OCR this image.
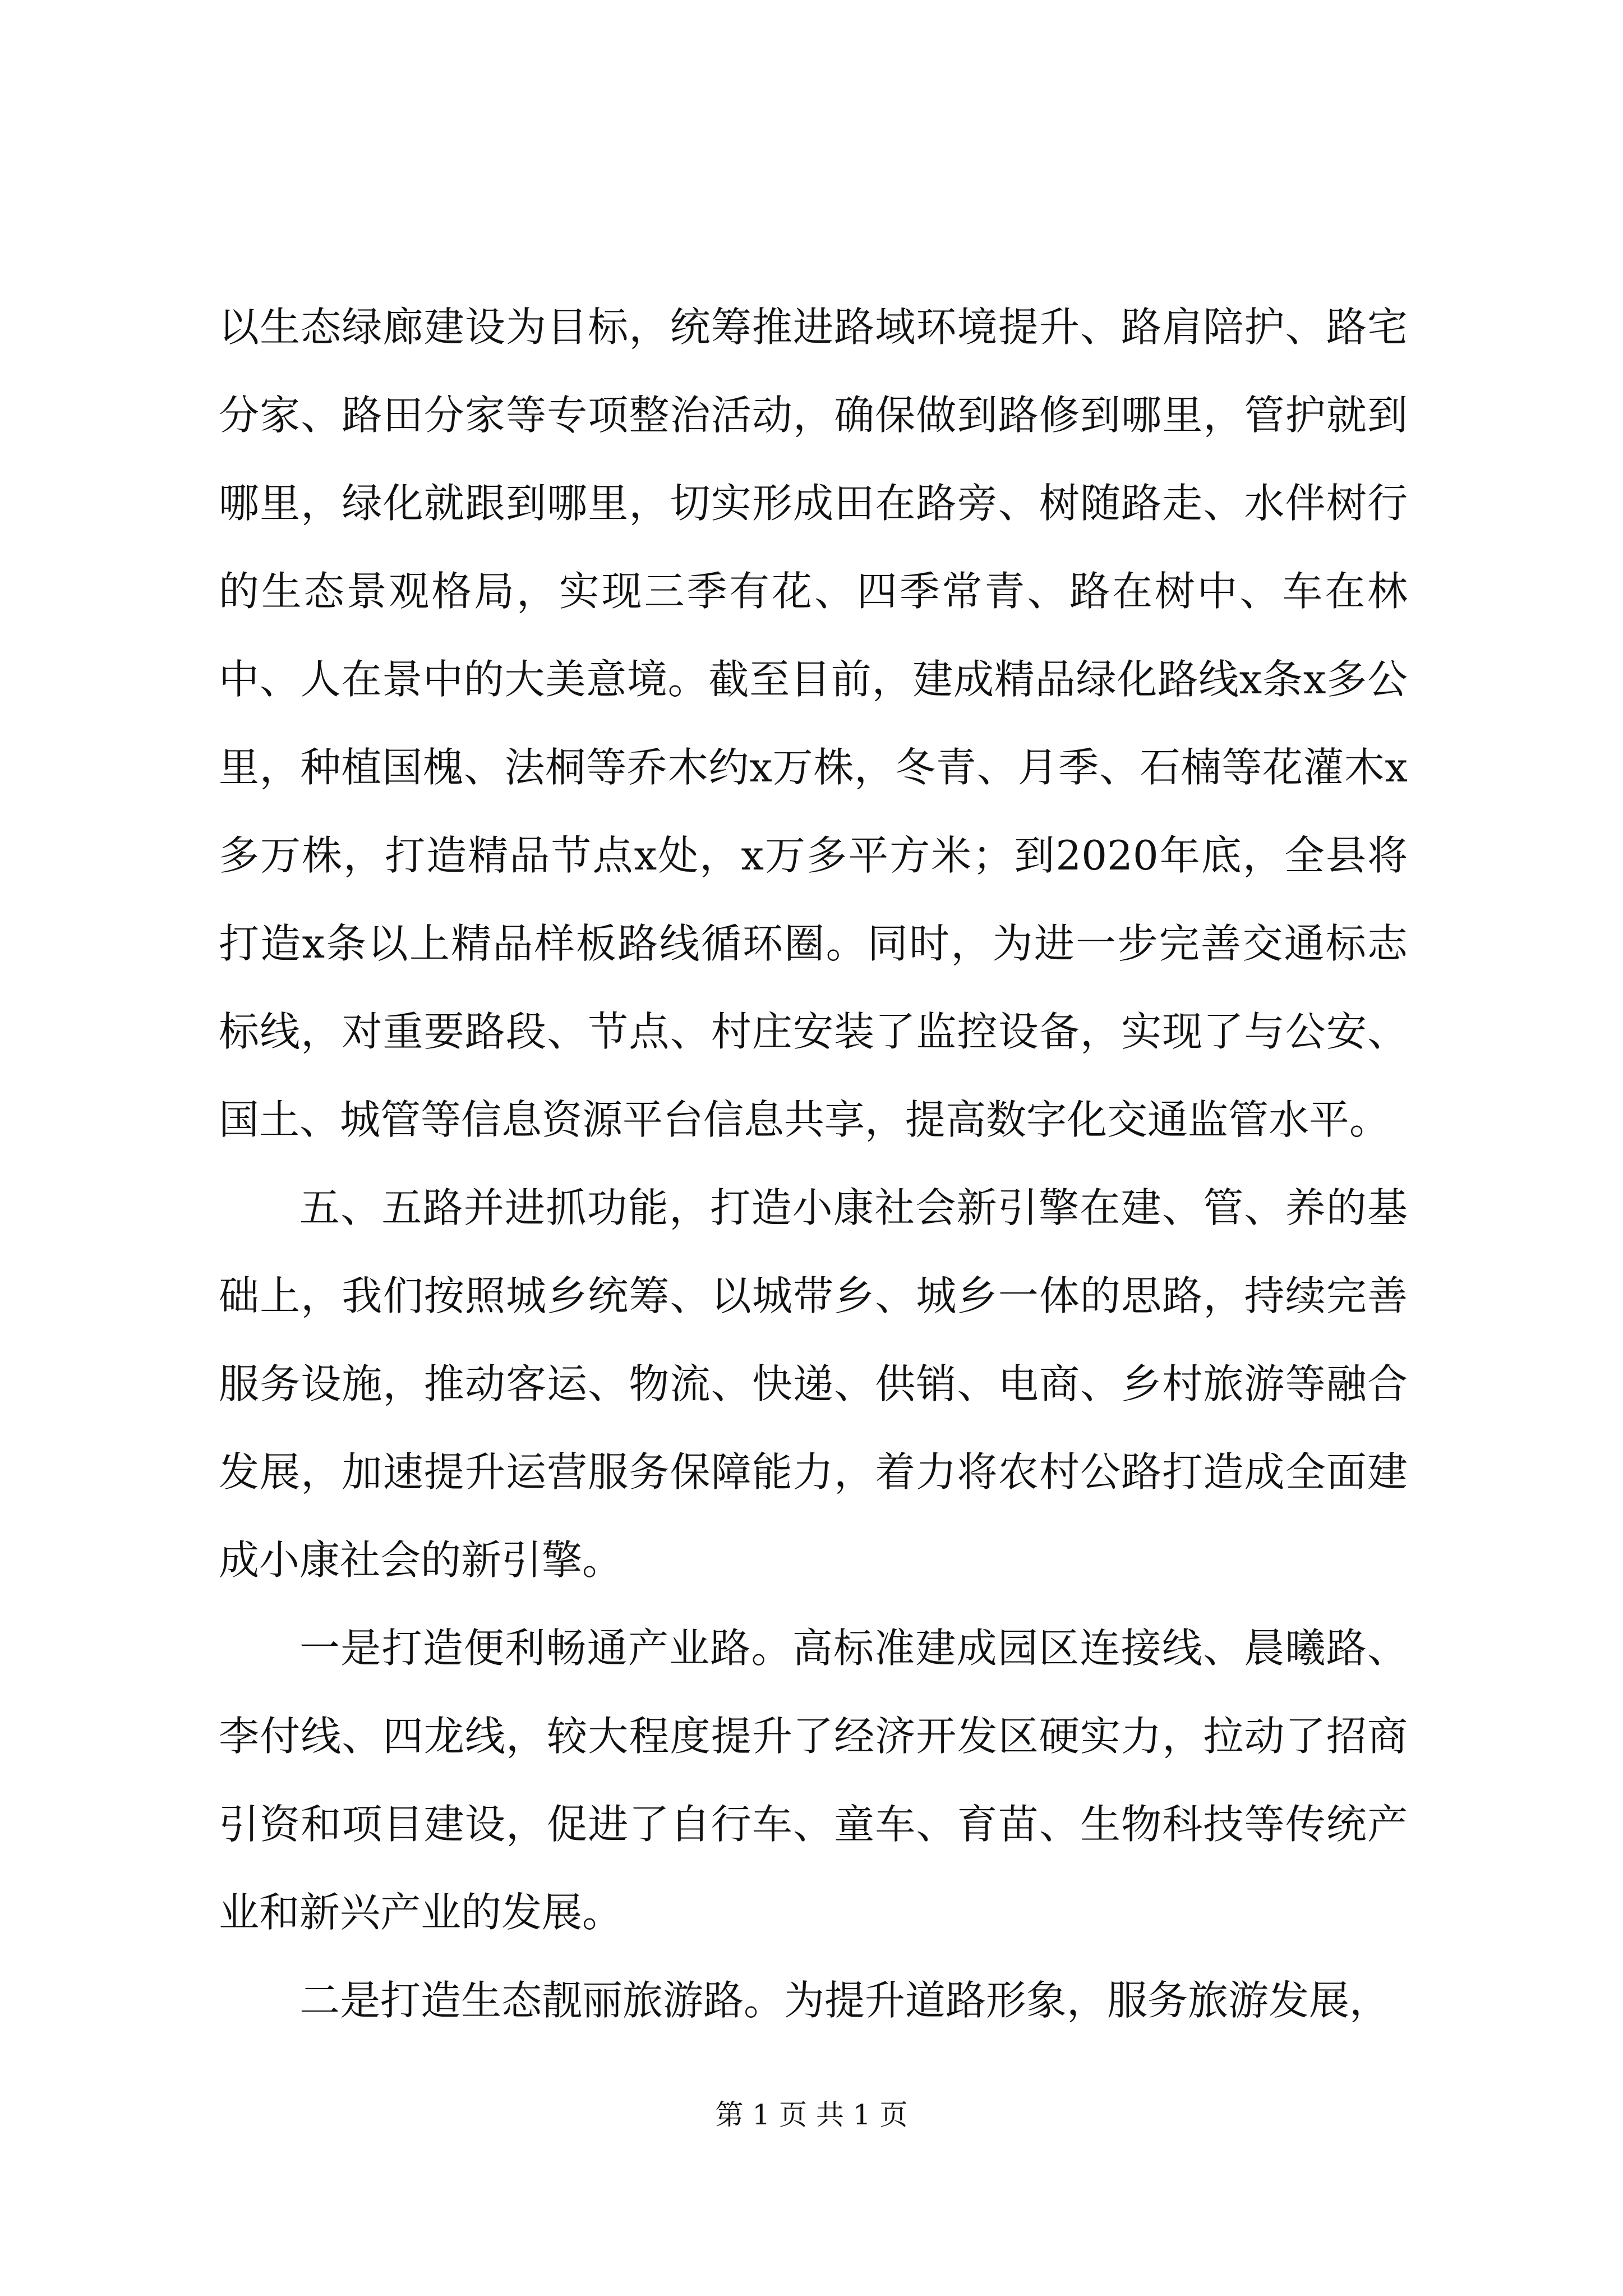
以生态绿廊建设为目标，统筹推进路域环境提升、路肩陪护、路宅分家、路田分家等专项整治活动，确保做到路修到哪里，管护就到哪里，绿化就跟到哪里，切实形成田在路旁、树随路走、水伴树行的生态景观格局，实现三季有花、四季常青、路在树中、车在林中、人在景中的大美意境。截至目前，建成精品绿化路线x条x多公里，种植国槐、法桐等乔木约x万株，冬青、月季、石楠等花灌木x多万株，打造精品节点x处，x万多平方米；到2020年底，全县将打造x条以上精品样板路线循环圈。同时，为进一步完善交通标志标线，对重要路段、节点、村庄安装了监控设备，实现了与公安、国土、城管等信息资源平台信息共享，提高数字化交通监管水平。

五、五路并进抓功能，打造小康社会新引擎在建、管、养的基础上，我们按照城乡统筹、以城带乡、城乡一体的思路，持续完善服务设施，推动客运、物流、快递、供销、电商、乡村旅游等融合发展，加速提升运营服务保障能力，着力将农村公路打造成全面建成小康社会的新引擎。

一是打造便利畅通产业路。高标准建成园区连接线、晨曦路、李付线、四龙线，较大程度提升了经济开发区硬实力，拉动了招商引资和项目建设，促进了自行车、童车、育苗、生物科技等传统产业和新兴产业的发展。

二是打造生态靓丽旅游路。为提升道路形象，服务旅游发展，

第 1 页 共 1 页
